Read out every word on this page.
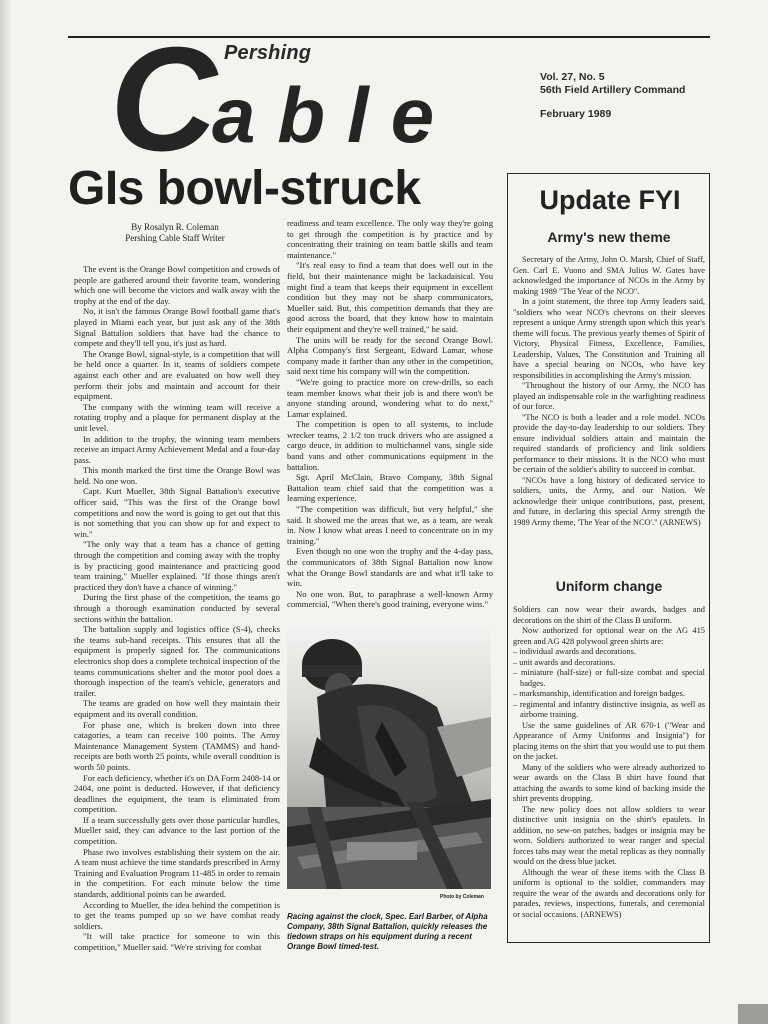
C Pershing
able	Vol. 27, No. 5
56th Field Artillery Command
February 1989
GIs bowl-struck
By Rosalyn R. Coleman
Pershing Cable Staff Writer

The event is the Orange Bowl competition and crowds of people are gathered around their favorite team, wondering which one will become the victors and walk away with the trophy at the end of the day.

No, it isn't the famous Orange Bowl football game that's played in Miami each year, but just ask any of the 38th Signal Battalion soldiers that have had the chance to compete and they'll tell you, it's just as hard.

The Orange Bowl, signal-style, is a competition that will be held once a quarter. In it, teams of soldiers compete against each other and are evaluated on how well they perform their jobs and maintain and account for their equipment.

The company with the winning team will receive a rotating trophy and a plaque for permanent display at the unit level.

In addition to the trophy, the winning team members receive an impact Army Achievement Medal and a four-day pass.

This month marked the first time the Orange Bowl was held. No one won.

Capt. Kurt Mueller, 38th Signal Battalion's executive officer said, "This was the first of the Orange bowl competitions and now the word is going to get out that this is not something that you can show up for and expect to win."

"The only way that a team has a chance of getting through the competition and coming away with the trophy is by practicing good maintenance and practicing good team training," Mueller explained. "If those things aren't practiced they don't have a chance of winning."

During the first phase of the competition, the teams go through a thorough examination conducted by several sections within the battalion.

The battalion supply and logistics office (S-4), checks the teams sub-hand receipts. This ensures that all the equipment is properly signed for. The communications electronics shop does a complete technical inspection of the teams communications shelter and the motor pool does a thorough inspection of the team's vehicle, generators and trailer.

The teams are graded on how well they maintain their equipment and its overall condition.

For phase one, which is broken down into three catagories, a team can receive 100 points. The Army Maintenance Management System (TAMMS) and hand-receipts are both worth 25 points, while overall condition is worth 50 points.

For each deficiency, whether it's on DA Form 2408-14 or 2404, one point is deducted. However, if that deficiency deadlines the equipment, the team is eliminated from competition.

If a team successfully gets over those particular hurdles, Mueller said, they can advance to the last portion of the competition.

Phase two involves establishing their system on the air. A team must achieve the time standards prescribed in Army Training and Evaluation Program 11-485 in order to remain in the competition. For each minute below the time standards, additional points can be awarded.

According to Mueller, the idea behind the competition is to get the teams pumped up so we have combat ready soldiers.

"It will take practice for someone to win this competition," Mueller said. "We're striving for combat

readiness and team excellence. The only way they're going to get through the competition is by practice and by concentrating their training on team battle skills and team maintenance."

"It's real easy to find a team that does well out in the field, but their maintenance might be lackadaisical. You might find a team that keeps their equipment in excellent condition but they may not be sharp communicators, Mueller said. But, this competition demands that they are good across the board, that they know how to maintain their equipment and they're well trained," he said.

The units will be ready for the second Orange Bowl. Alpha Company's first Sergeant, Edward Lamar, whose company made it farther than any other in the competition, said next time his company will win the competition.

"We're going to practice more on crew-drills, so each team member knows what their job is and there won't be anyone standing around, wondering what to do next," Lamar explained.

The competition is open to all systems, to include wrecker teams, 2 1/2 ton truck drivers who are assigned a cargo deuce, in addition to multichannel vans, single side band vans and other communications equipment in the battalion.

Sgt. April McClain, Bravo Company, 38th Signal Battalion team chief said that the competition was a learning experience.

"The competition was difficult, but very helpful," she said. It showed me the areas that we, as a team, are weak in. Now I know what areas I need to concentrate on in my training."

Even though no one won the trophy and the 4-day pass, the communicators of 38th Signal Battalion now know what the Orange Bowl standards are and what it'll take to win.

No one won. But, to paraphrase a well-known Army commercial, "When there's good training, everyone wins."

Photo by Coleman
Racing against the clock, Spec. Earl Barber, of Alpha Company, 38th Signal Battalion, quickly releases the tiedown straps on his equipment during a recent Orange Bowl timed-test.
Update FYI
Army's new theme

Secretary of the Army, John O. Marsh, Chief of Staff, Gen. Carl E. Vuono and SMA Julius W. Gates have acknowledged the importance of NCOs in the Army by making 1989 "The Year of the NCO".

In a joint statement, the three top Army leaders said, "soldiers who wear NCO's chevrons on their sleeves represent a unique Army strength upon which this year's theme will focus. The previous yearly themes of Spirit of Victory, Physical Fitness, Excellence, Families, Leadership, Values, The Constitution and Training all have a special bearing on NCOs, who have key responsibilities in accomplishing the Army's mission.

"Throughout the history of our Army, the NCO has played an indispensable role in the warfighting readiness of our force.

"The NCO is both a leader and a role model. NCOs provide the day-to-day leadership to our soldiers. They ensure individual soldiers attain and maintain the required standards of proficiency and link soldiers performance to their missions. It is the NCO who must be certain of the soldier's ability to succeed in combat.

"NCOs have a long history of dedicated service to soldiers, units, the Army, and our Nation. We acknowledge their unique contributions, past, present, and future, in declaring this special Army strength the 1989 Army theme, 'The Year of the NCO'." (ARNEWS)

Uniform change

Soldiers can now wear their awards, badges and decorations on the shirt of the Class B uniform.

Now authorized for optional wear on the AG 415 green and AG 428 polywool green shirts are:

– individual awards and decorations.
– unit awards and decorations.
– miniature (half-size) or full-size combat and special badges.
– marksmanship, identification and foreign badges.
– regimental and infantry distinctive insignia, as well as airborne training.

Use the same guidelines of AR 670-1 ("Wear and Appearance of Army Uniforms and Insignia") for placing items on the shirt that you would use to put them on the jacket.

Many of the soldiers who were already authorized to wear awards on the Class B shirt have found that attaching the awards to some kind of backing inside the shirt prevents dropping.

The new policy does not allow soldiers to wear distinctive unit insignia on the shirt's epaulets. In addition, no sew-on patches, badges or insignia may be worn. Soldiers authorized to wear ranger and special forces tabs may wear the metal replicas as they normally would on the dress blue jacket.

Although the wear of these items with the Class B uniform is optional to the soldier, commanders may require the wear of the awards and decorations only for parades, reviews, inspections, funerals, and ceremonial or social occasions. (ARNEWS)
